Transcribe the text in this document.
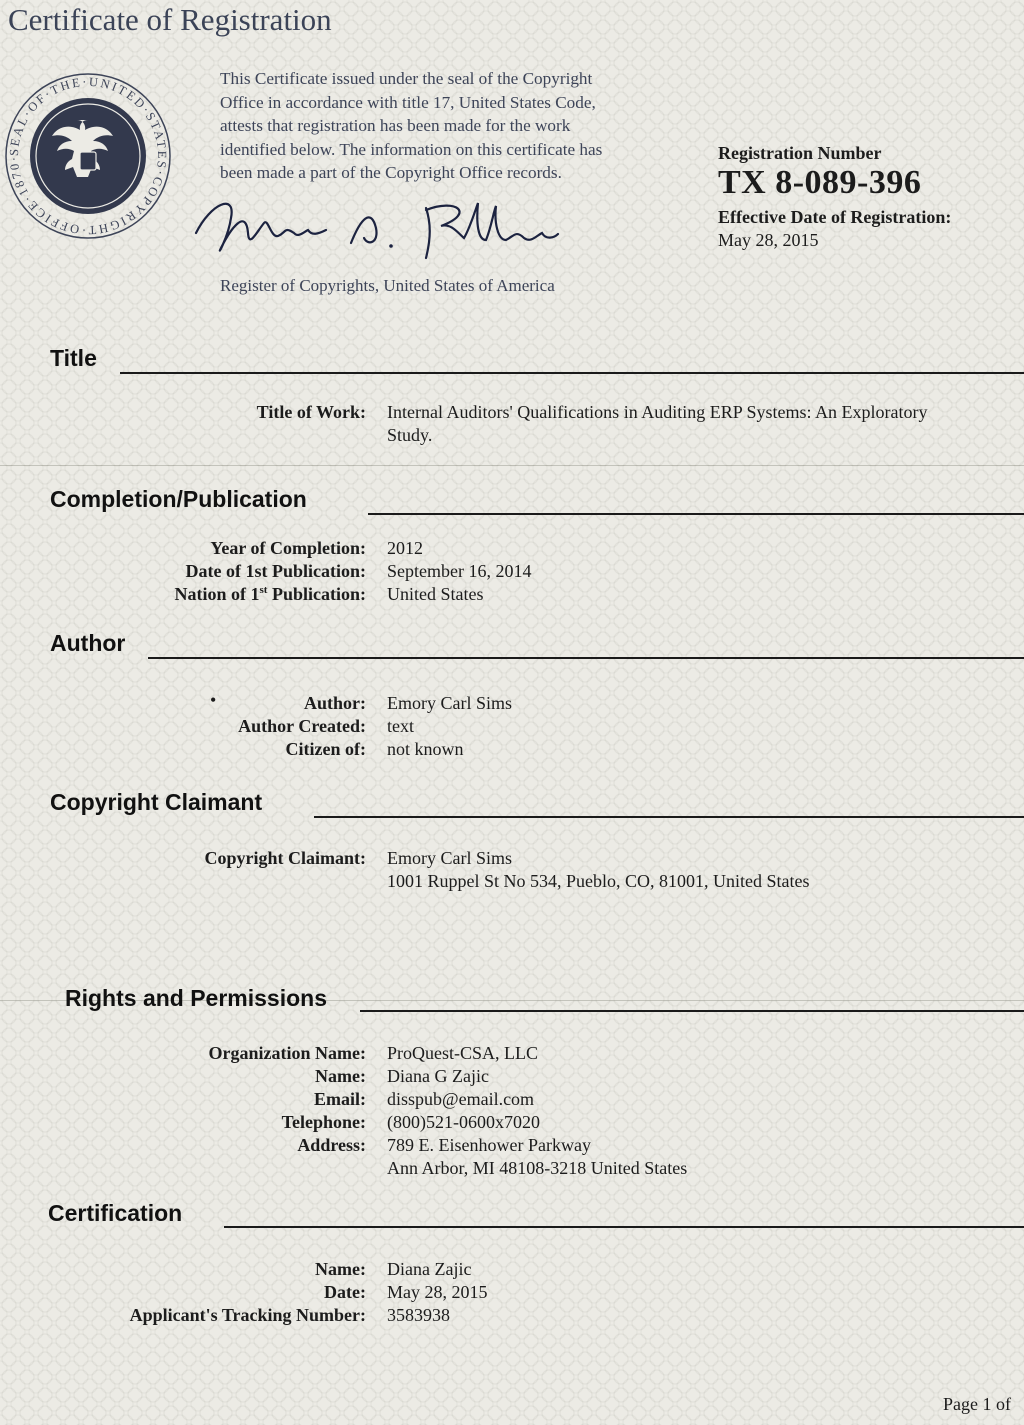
Certificate of Registration
SEAL·OF·THE·UNITED·STATES·COPYRIGHT·OFFICE·1870·

This Certificate issued under the seal of the Copyright

Office in accordance with title 17, United States Code,

attests that registration has been made for the work

identified below. The information on this certificate has

been made a part of the Copyright Office records.

Register of Copyrights, United States of America
Registration Number
TX 8-089-396
Effective Date of Registration:
May 28, 2015
Title
Title of Work: Internal Auditors' Qualifications in Auditing ERP Systems: An Exploratory
Study.
Completion/Publication
Year of Completion: 2012
Date of 1st Publication: September 16, 2014
Nation of 1st Publication: United States
Author
•	Author: Emory Carl Sims
Author Created: text
Citizen of: not known
Copyright Claimant
Copyright Claimant: Emory Carl Sims
1001 Ruppel St No 534, Pueblo, CO, 81001, United States
Rights and Permissions
Organization Name: ProQuest-CSA, LLC
Name: Diana G Zajic
Email: disspub@email.com
Telephone: (800)521-0600x7020
Address: 789 E. Eisenhower Parkway
Ann Arbor, MI 48108-3218 United States
Certification
Name: Diana Zajic
Date: May 28, 2015
Applicant's Tracking Number: 3583938
Page 1 of
